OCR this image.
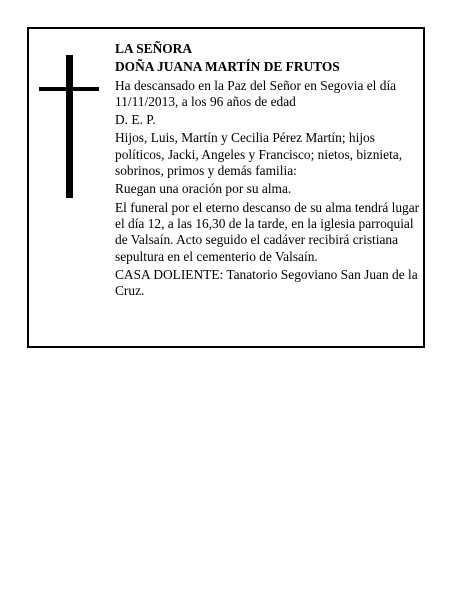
LA SEÑORA

DOÑA JUANA MARTÍN DE FRUTOS

Ha descansado en la Paz del Señor en Segovia el día 11/11/2013, a los 96 años de edad

D. E. P.

Hijos, Luis, Martín y Cecilia Pérez Martín; hijos políticos, Jacki, Angeles y Francisco; nietos, biznieta, sobrinos, primos y demás familia:

Ruegan una oración por su alma.

El funeral por el eterno descanso de su alma tendrá lugar el día 12, a las 16,30 de la tarde, en la iglesia parroquial de Valsaín. Acto seguido el cadáver recibirá cristiana sepultura en el cementerio de Valsaín.

CASA DOLIENTE: Tanatorio Segoviano San Juan de la Cruz.
